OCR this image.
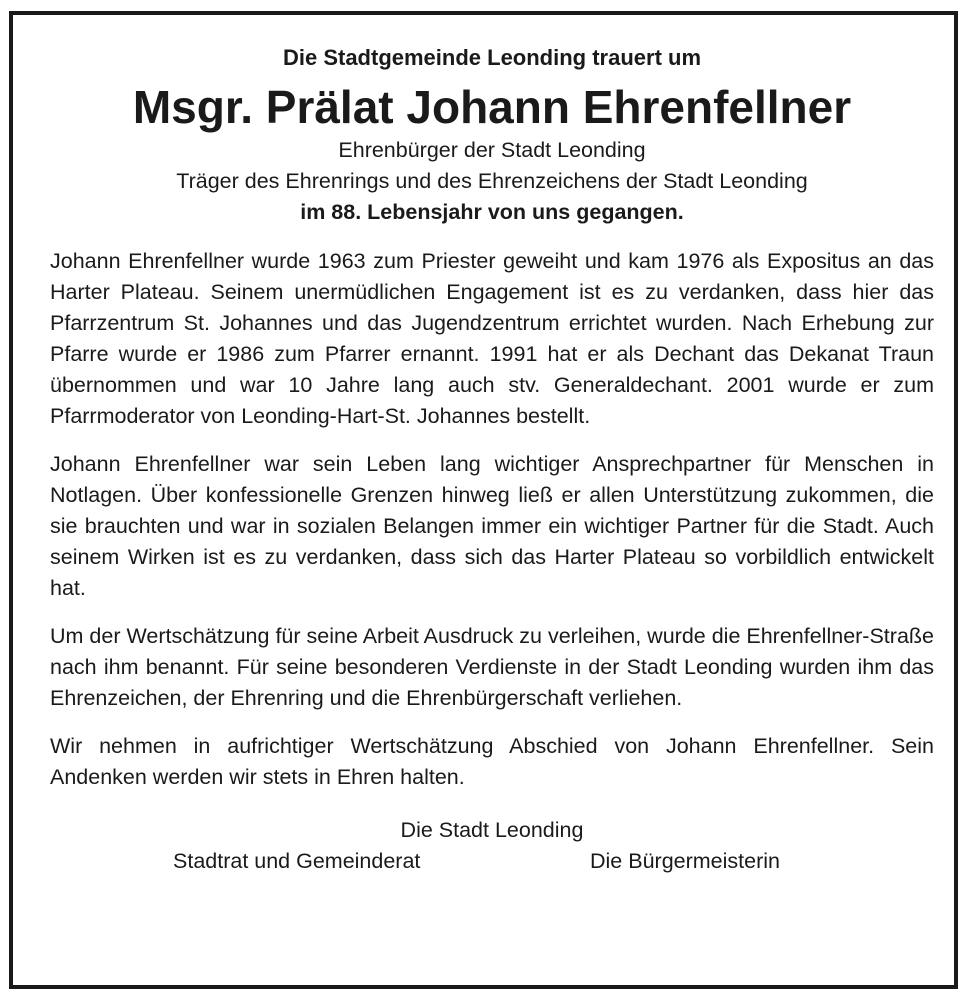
Die Stadtgemeinde Leonding trauert um

Msgr. Prälat Johann Ehrenfellner

Ehrenbürger der Stadt Leonding

Träger des Ehrenrings und des Ehrenzeichens der Stadt Leonding

im 88. Lebensjahr von uns gegangen.

Johann Ehrenfellner wurde 1963 zum Priester geweiht und kam 1976 als Expositus an das Harter Plateau. Seinem unermüdlichen Engagement ist es zu verdanken, dass hier das Pfarrzentrum St. Johannes und das Jugendzentrum errichtet wurden. Nach Erhebung zur Pfarre wurde er 1986 zum Pfarrer ernannt. 1991 hat er als Dechant das Dekanat Traun übernommen und war 10 Jahre lang auch stv. Generaldechant. 2001 wurde er zum Pfarrmoderator von Leonding-Hart-St. Johannes bestellt.

Johann Ehrenfellner war sein Leben lang wichtiger Ansprechpartner für Menschen in Notlagen. Über konfessionelle Grenzen hinweg ließ er allen Unterstützung zukommen, die sie brauchten und war in sozialen Belangen immer ein wichtiger Partner für die Stadt. Auch seinem Wirken ist es zu verdanken, dass sich das Harter Plateau so vorbildlich entwickelt hat.

Um der Wertschätzung für seine Arbeit Ausdruck zu verleihen, wurde die Ehrenfellner-Straße nach ihm benannt. Für seine besonderen Verdienste in der Stadt Leonding wurden ihm das Ehrenzeichen, der Ehrenring und die Ehrenbürgerschaft verliehen.

Wir nehmen in aufrichtiger Wertschätzung Abschied von Johann Ehrenfellner. Sein Andenken werden wir stets in Ehren halten.

Die Stadt Leonding

Stadtrat und Gemeinderat	Die Bürgermeisterin
